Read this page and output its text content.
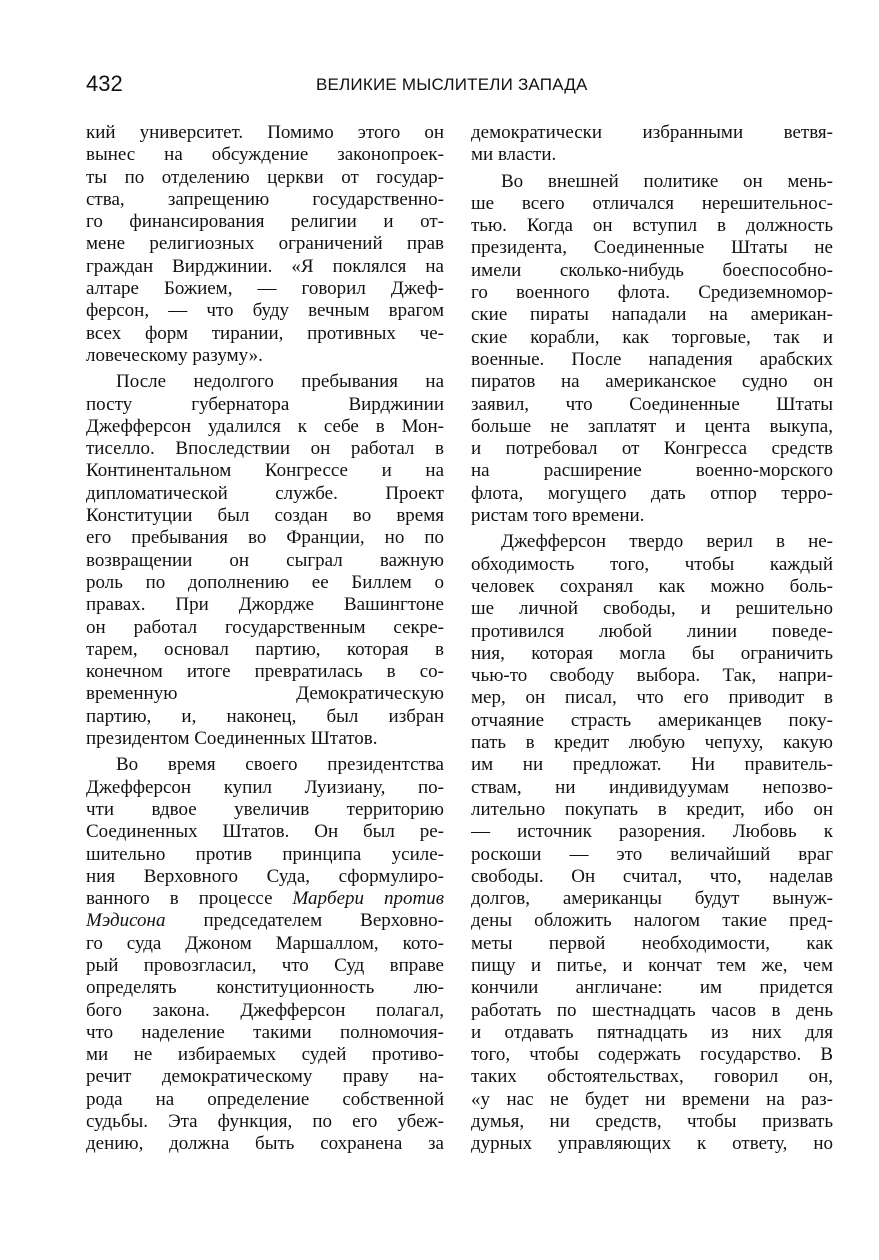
432	ВЕЛИКИЕ МЫСЛИТЕЛИ ЗАПАДА
кий университет. Помимо этого он
вынес на обсуждение законопроек-
ты по отделению церкви от государ-
ства, запрещению государственно-
го финансирования религии и от-
мене религиозных ограничений прав
граждан Вирджинии. «Я поклялся на
алтаре Божием, — говорил Джеф-
ферсон, — что буду вечным врагом
всех форм тирании, противных че-
ловеческому разуму».
После недолгого пребывания на
посту губернатора Вирджинии
Джефферсон удалился к себе в Мон-
тиселло. Впоследствии он работал в
Континентальном Конгрессе и на
дипломатической службе. Проект
Конституции был создан во время
его пребывания во Франции, но по
возвращении он сыграл важную
роль по дополнению ее Биллем о
правах. При Джордже Вашингтоне
он работал государственным секре-
тарем, основал партию, которая в
конечном итоге превратилась в со-
временную Демократическую
партию, и, наконец, был избран
президентом Соединенных Штатов.
Во время своего президентства
Джефферсон купил Луизиану, по-
чти вдвое увеличив территорию
Соединенных Штатов. Он был ре-
шительно против принципа усиле-
ния Верховного Суда, сформулиро-
ванного в процессе Марбери против
Мэдисона председателем Верховно-
го суда Джоном Маршаллом, кото-
рый провозгласил, что Суд вправе
определять конституционность лю-
бого закона. Джефферсон полагал,
что наделение такими полномочия-
ми не избираемых судей противо-
речит демократическому праву на-
рода на определение собственной
судьбы. Эта функция, по его убеж-
дению, должна быть сохранена за
демократически избранными ветвя-
ми власти.
Во внешней политике он мень-
ше всего отличался нерешительнос-
тью. Когда он вступил в должность
президента, Соединенные Штаты не
имели сколько-нибудь боеспособно-
го военного флота. Средиземномор-
ские пираты нападали на американ-
ские корабли, как торговые, так и
военные. После нападения арабских
пиратов на американское судно он
заявил, что Соединенные Штаты
больше не заплатят и цента выкупа,
и потребовал от Конгресса средств
на расширение военно-морского
флота, могущего дать отпор терро-
ристам того времени.
Джефферсон твердо верил в не-
обходимость того, чтобы каждый
человек сохранял как можно боль-
ше личной свободы, и решительно
противился любой линии поведе-
ния, которая могла бы ограничить
чью-то свободу выбора. Так, напри-
мер, он писал, что его приводит в
отчаяние страсть американцев поку-
пать в кредит любую чепуху, какую
им ни предложат. Ни правитель-
ствам, ни индивидуумам непозво-
лительно покупать в кредит, ибо он
— источник разорения. Любовь к
роскоши — это величайший враг
свободы. Он считал, что, наделав
долгов, американцы будут вынуж-
дены обложить налогом такие пред-
меты первой необходимости, как
пищу и питье, и кончат тем же, чем
кончили англичане: им придется
работать по шестнадцать часов в день
и отдавать пятнадцать из них для
того, чтобы содержать государство. В
таких обстоятельствах, говорил он,
«у нас не будет ни времени на раз-
думья, ни средств, чтобы призвать
дурных управляющих к ответу, но
